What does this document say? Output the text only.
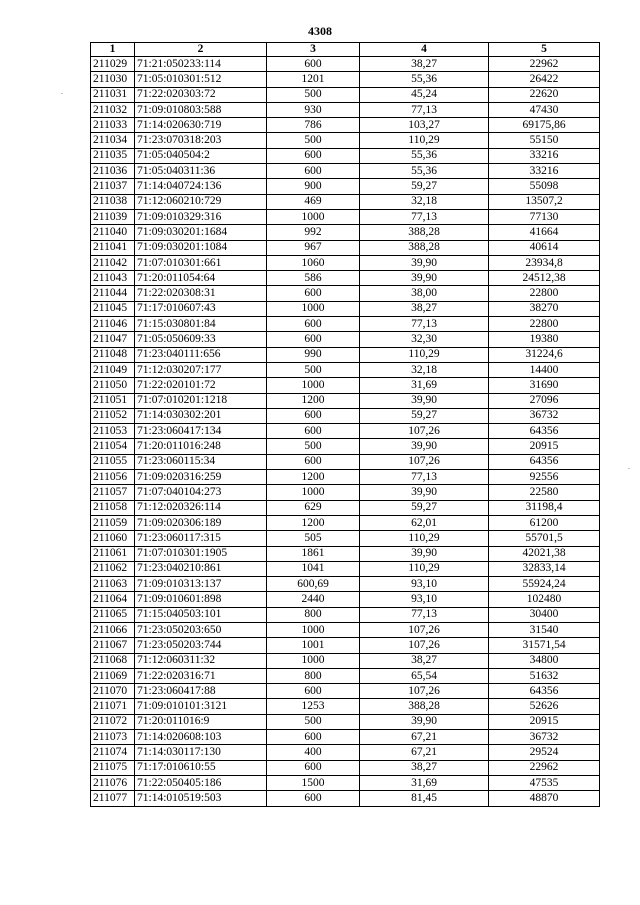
4308
1	2	3	4	5
211029	71:21:050233:114	600	38,27	22962
211030	71:05:010301:512	1201	55,36	26422
211031	71:22:020303:72	500	45,24	22620
211032	71:09:010803:588	930	77,13	47430
211033	71:14:020630:719	786	103,27	69175,86
211034	71:23:070318:203	500	110,29	55150
211035	71:05:040504:2	600	55,36	33216
211036	71:05:040311:36	600	55,36	33216
211037	71:14:040724:136	900	59,27	55098
211038	71:12:060210:729	469	32,18	13507,2
211039	71:09:010329:316	1000	77,13	77130
211040	71:09:030201:1684	992	388,28	41664
211041	71:09:030201:1084	967	388,28	40614
211042	71:07:010301:661	1060	39,90	23934,8
211043	71:20:011054:64	586	39,90	24512,38
211044	71:22:020308:31	600	38,00	22800
211045	71:17:010607:43	1000	38,27	38270
211046	71:15:030801:84	600	77,13	22800
211047	71:05:050609:33	600	32,30	19380
211048	71:23:040111:656	990	110,29	31224,6
211049	71:12:030207:177	500	32,18	14400
211050	71:22:020101:72	1000	31,69	31690
211051	71:07:010201:1218	1200	39,90	27096
211052	71:14:030302:201	600	59,27	36732
211053	71:23:060417:134	600	107,26	64356
211054	71:20:011016:248	500	39,90	20915
211055	71:23:060115:34	600	107,26	64356
211056	71:09:020316:259	1200	77,13	92556
211057	71:07:040104:273	1000	39,90	22580
211058	71:12:020326:114	629	59,27	31198,4
211059	71:09:020306:189	1200	62,01	61200
211060	71:23:060117:315	505	110,29	55701,5
211061	71:07:010301:1905	1861	39,90	42021,38
211062	71:23:040210:861	1041	110,29	32833,14
211063	71:09:010313:137	600,69	93,10	55924,24
211064	71:09:010601:898	2440	93,10	102480
211065	71:15:040503:101	800	77,13	30400
211066	71:23:050203:650	1000	107,26	31540
211067	71:23:050203:744	1001	107,26	31571,54
211068	71:12:060311:32	1000	38,27	34800
211069	71:22:020316:71	800	65,54	51632
211070	71:23:060417:88	600	107,26	64356
211071	71:09:010101:3121	1253	388,28	52626
211072	71:20:011016:9	500	39,90	20915
211073	71:14:020608:103	600	67,21	36732
211074	71:14:030117:130	400	67,21	29524
211075	71:17:010610:55	600	38,27	22962
211076	71:22:050405:186	1500	31,69	47535
211077	71:14:010519:503	600	81,45	48870
.
.
